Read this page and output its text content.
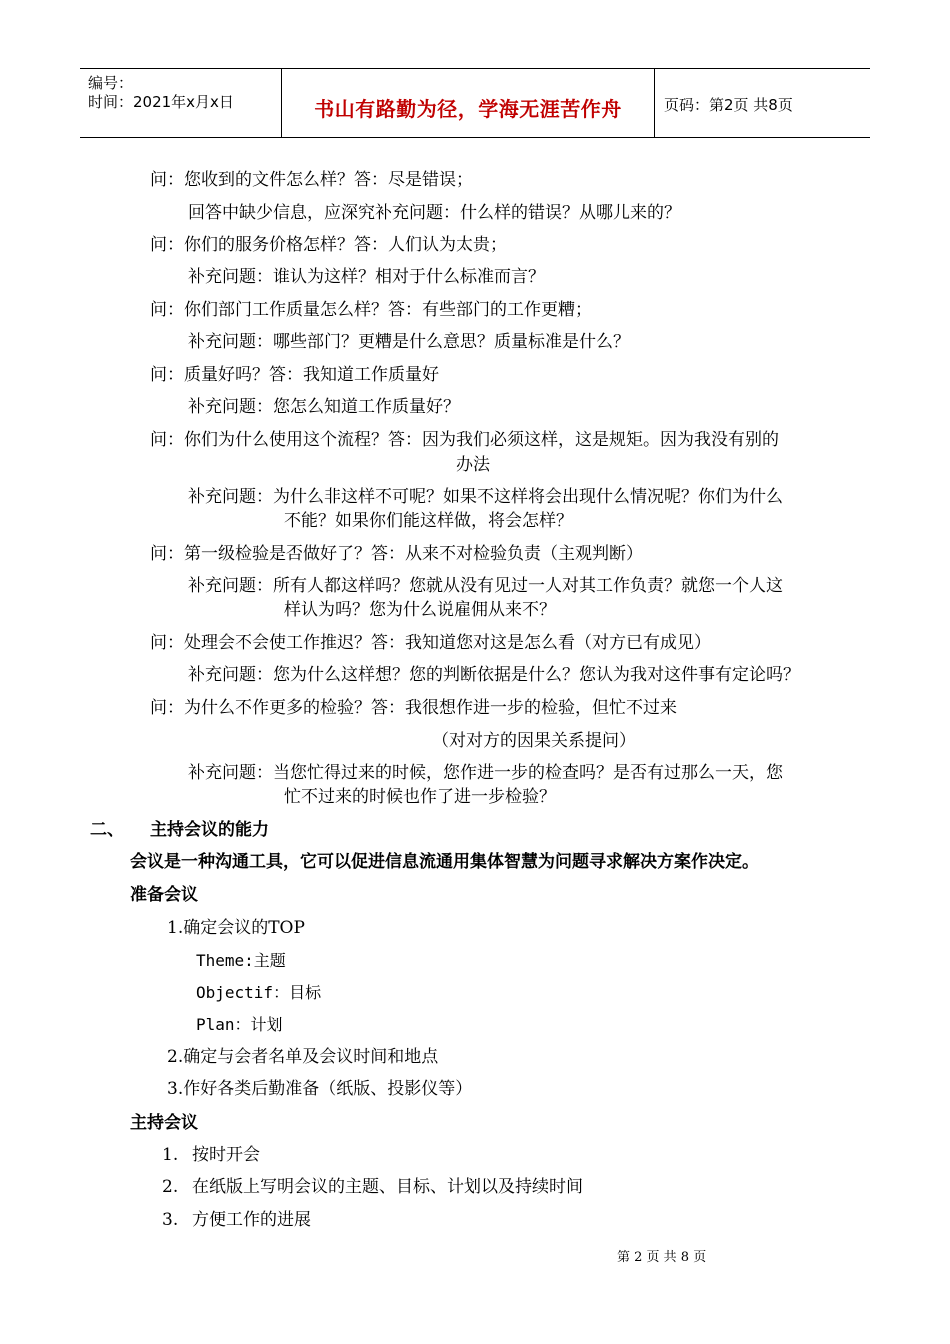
编号：
时间：2021年x月x日	书山有路勤为径，学海无涯苦作舟	页码：第2页 共8页
问：您收到的文件怎么样？答：尽是错误；
回答中缺少信息，应深究补充问题：什么样的错误？从哪儿来的？
问：你们的服务价格怎样？答：人们认为太贵；
补充问题：谁认为这样？相对于什么标准而言？
问：你们部门工作质量怎么样？答：有些部门的工作更糟；
补充问题：哪些部门？更糟是什么意思？质量标准是什么？
问：质量好吗？答：我知道工作质量好
补充问题：您怎么知道工作质量好？
问：你们为什么使用这个流程？答：因为我们必须这样，这是规矩。因为我没有别的
办法
补充问题：为什么非这样不可呢？如果不这样将会出现什么情况呢？你们为什么
不能？如果你们能这样做，将会怎样？
问：第一级检验是否做好了？答：从来不对检验负责（主观判断）
补充问题：所有人都这样吗？您就从没有见过一人对其工作负责？就您一个人这
样认为吗？您为什么说雇佣从来不？
问：处理会不会使工作推迟？答：我知道您对这是怎么看（对方已有成见）
补充问题：您为什么这样想？您的判断依据是什么？您认为我对这件事有定论吗？
问：为什么不作更多的检验？答：我很想作进一步的检验，但忙不过来
（对对方的因果关系提问）
补充问题：当您忙得过来的时候，您作进一步的检查吗？是否有过那么一天，您
忙不过来的时候也作了进一步检验？
二、 主持会议的能力
会议是一种沟通工具，它可以促进信息流通用集体智慧为问题寻求解决方案作决定。
准备会议
1.确定会议的TOP
Theme:主题
Objectif：目标
Plan：计划
2.确定与会者名单及会议时间和地点
3.作好各类后勤准备（纸版、投影仪等）
主持会议
1. 按时开会
2. 在纸版上写明会议的主题、目标、计划以及持续时间
3. 方便工作的进展
第 2 页 共 8 页
